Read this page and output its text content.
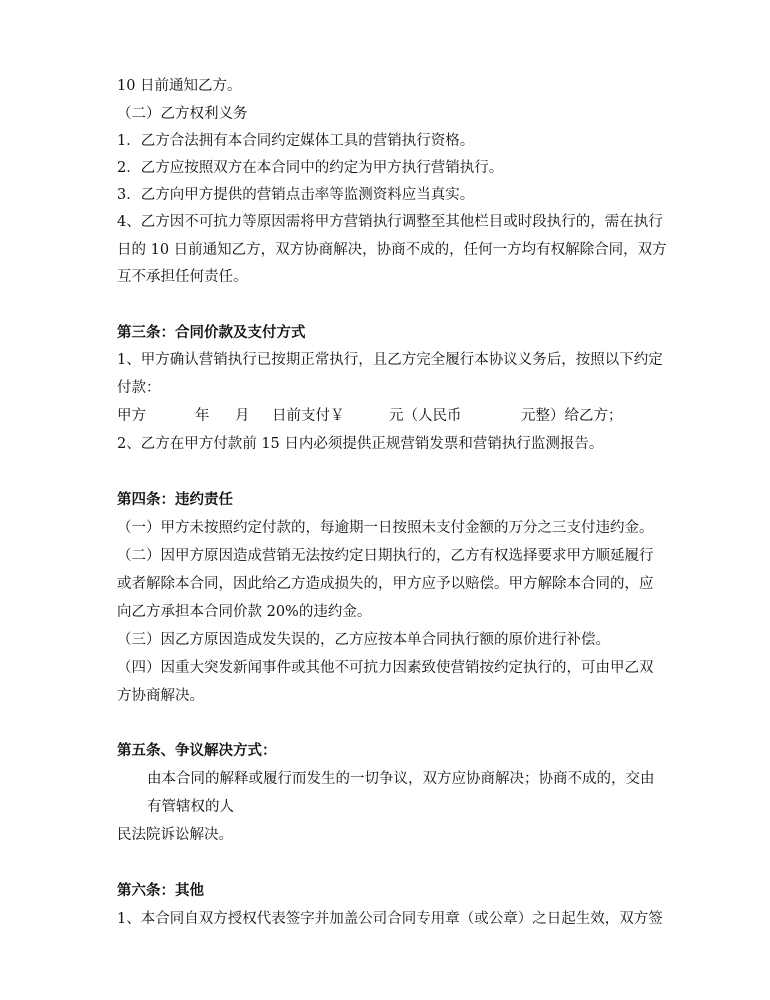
10 日前通知乙方。
（二）乙方权利义务
1．乙方合法拥有本合同约定媒体工具的营销执行资格。
2．乙方应按照双方在本合同中的约定为甲方执行营销执行。
3．乙方向甲方提供的营销点击率等监测资料应当真实。
4、乙方因不可抗力等原因需将甲方营销执行调整至其他栏目或时段执行的，需在执行
日的 10 日前通知乙方，双方协商解决，协商不成的，任何一方均有权解除合同，双方
互不承担任何责任。
第三条：合同价款及支付方式
1、甲方确认营销执行已按期正常执行，且乙方完全履行本协议义务后，按照以下约定
付款：
甲方	年 月 日前支付￥	元（人民币	元整）给乙方；
2、乙方在甲方付款前 15 日内必须提供正规营销发票和营销执行监测报告。
第四条：违约责任
（一）甲方未按照约定付款的，每逾期一日按照未支付金额的万分之三支付违约金。
（二）因甲方原因造成营销无法按约定日期执行的，乙方有权选择要求甲方顺延履行
或者解除本合同，因此给乙方造成损失的，甲方应予以赔偿。甲方解除本合同的，应
向乙方承担本合同价款 20%的违约金。
（三）因乙方原因造成发失误的，乙方应按本单合同执行额的原价进行补偿。
（四）因重大突发新闻事件或其他不可抗力因素致使营销按约定执行的，可由甲乙双
方协商解决。
第五条、争议解决方式：
由本合同的解释或履行而发生的一切争议，双方应协商解决；协商不成的，交由
有管辖权的人
民法院诉讼解决。
第六条：其他
1、本合同自双方授权代表签字并加盖公司合同专用章（或公章）之日起生效，双方签
